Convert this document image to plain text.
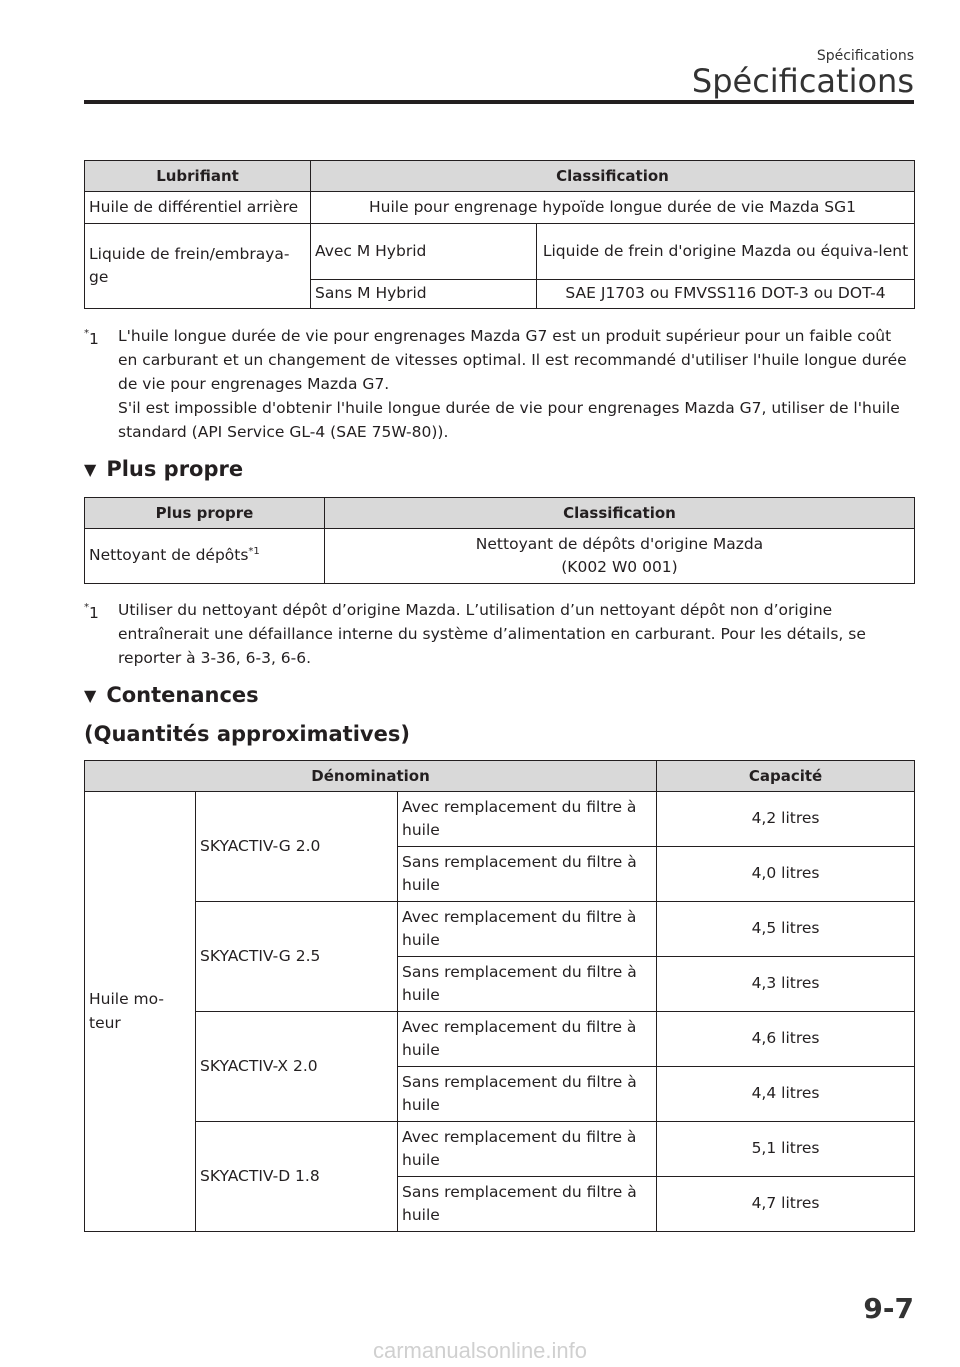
Spécifications
Spécifications
Lubrifiant	Classification	
Huile de différentiel arrière	Huile pour engrenage hypoïde longue durée de vie Mazda SG1	
Liquide de frein/embraya-ge	Avec M Hybrid	Liquide de frein d'origine Mazda ou équiva-lent
	Sans M Hybrid	SAE J1703 ou FMVSS116 DOT-3 ou DOT-4
*1 L'huile longue durée de vie pour engrenages Mazda G7 est un produit supérieur pour un faible coût en carburant et un changement de vitesses optimal. Il est recommandé d'utiliser l'huile longue durée de vie pour engrenages Mazda G7.
S'il est impossible d'obtenir l'huile longue durée de vie pour engrenages Mazda G7, utiliser de l'huile standard (API Service GL-4 (SAE 75W-80)).
▼ Plus propre
Plus propre	Classification
Nettoyant de dépôts$^{*1}$	Nettoyant de dépôts d'origine Mazda
(K002 W0 001)
*1	Utiliser du nettoyant dépôt d’origine Mazda. L’utilisation d’un nettoyant dépôt non d’origine entraînerait une défaillance interne du système d’alimentation en carburant. Pour les détails, se reporter à 3-36, 6-3, 6-6.
▼ Contenances
(Quantités approximatives)
Dénomination			Capacité
Huile mo-teur	SKYACTIV-G 2.0	Avec remplacement du filtre à huile	4,2 litres
		Sans remplacement du filtre à huile	4,0 litres
	SKYACTIV-G 2.5	Avec remplacement du filtre à huile	4,5 litres
		Sans remplacement du filtre à huile	4,3 litres
	SKYACTIV-X 2.0	Avec remplacement du filtre à huile	4,6 litres
		Sans remplacement du filtre à huile	4,4 litres
	SKYACTIV-D 1.8	Avec remplacement du filtre à huile	5,1 litres
		Sans remplacement du filtre à huile	4,7 litres
9-7
carmanualsonline.info
